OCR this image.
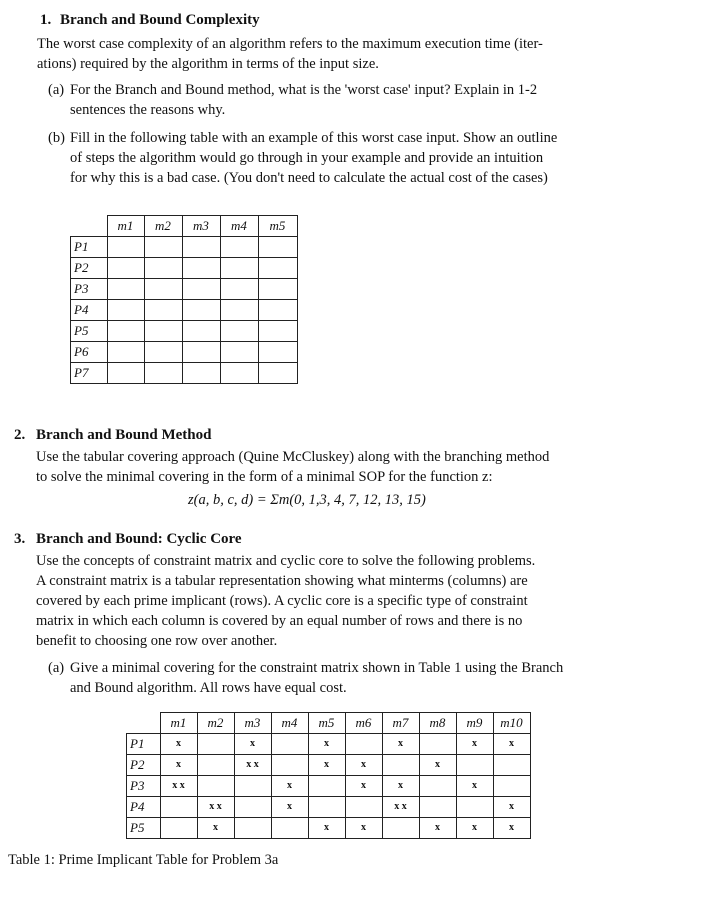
1. Branch and Bound Complexity
The worst case complexity of an algorithm refers to the maximum execution time (iter-
ations) required by the algorithm in terms of the input size.
(a) For the Branch and Bound method, what is the 'worst case' input? Explain in 1-2
sentences the reasons why.
(b) Fill in the following table with an example of this worst case input. Show an outline
of steps the algorithm would go through in your example and provide an intuition
for why this is a bad case. (You don't need to calculate the actual cost of the cases)
	m1	m2	m3	m4	m5
P1					
P2					
P3					
P4					
P5					
P6					
P7					
2. Branch and Bound Method
Use the tabular covering approach (Quine McCluskey) along with the branching method
to solve the minimal covering in the form of a minimal SOP for the function z:
z(a, b, c, d) = Σm(0, 1,3, 4, 7, 12, 13, 15)
3. Branch and Bound: Cyclic Core
Use the concepts of constraint matrix and cyclic core to solve the following problems.
A constraint matrix is a tabular representation showing what minterms (columns) are
covered by each prime implicant (rows). A cyclic core is a specific type of constraint
matrix in which each column is covered by an equal number of rows and there is no
benefit to choosing one row over another.
(a) Give a minimal covering for the constraint matrix shown in Table 1 using the Branch
and Bound algorithm. All rows have equal cost.
	m1	m2	m3	m4	m5	m6	m7	m8	m9	m10
P1	x		x		x		x		x	x
P2	x		x x		x	x		x		
P3	x x			x		x	x		x	
P4		x x		x			x x			x
P5		x			x	x		x	x	x
Table 1: Prime Implicant Table for Problem 3a
